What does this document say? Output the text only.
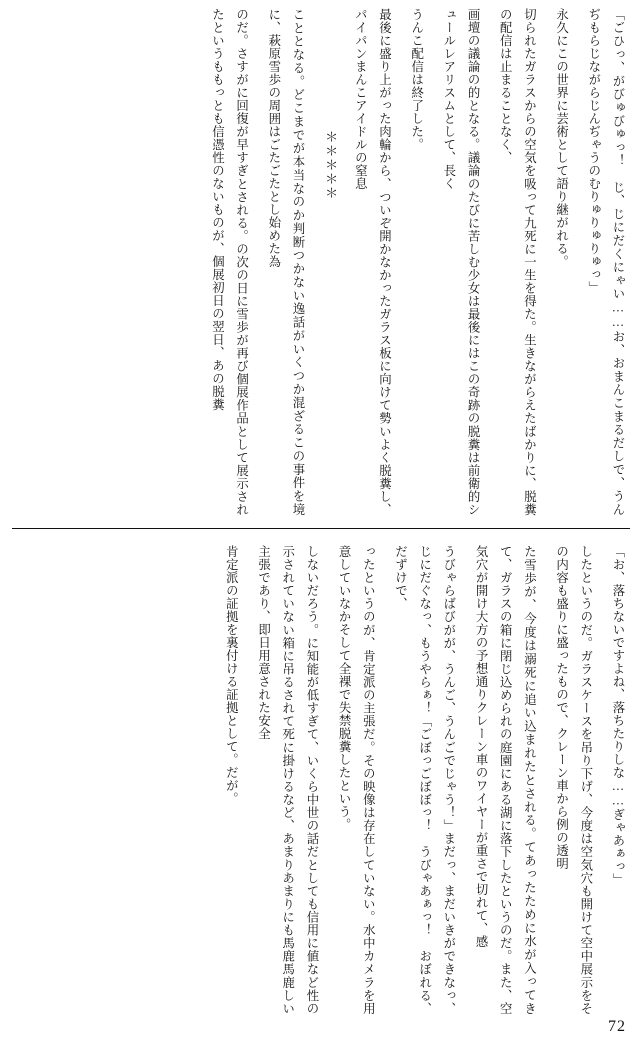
「ごひっ、がびゅびゅっ！　じ、じにだくにゃい……お、おまんこまるだしで、うんぢもらじながらじんぢゃうのむりゅりゅりゅっ」
永久にこの世界に芸術として語り継がれる。
切られたガラスからの空気を吸って九死に一生を得た。生きながらえたばかりに、脱糞の配信は止まることなく、
画壇の議論の的となる。議論のたびに苦しむ少女は最後にはこの奇跡の脱糞は前衛的シュールレアリスムとして、長く
うんこ配信は終了した。
最後に盛り上がった肉輪から、ついぞ開かなかったガラス板に向けて勢いよく脱糞し、パイパンまんこアイドルの窒息
＊＊＊＊＊
こととなる。どこまでが本当なのか判断つかない逸話がいくつか混ざるこの事件を境に、萩原雪歩の周囲はごたごたとし始めた為
のだ。さすがに回復が早すぎとされる。の次の日に雪歩が再び個展作品として展示されたというももっとも信憑性のないものが、個展初日の翌日、あの脱糞
「お、落ちないですよね、落ちたりしな……ぎゃあぁっ」
したというのだ。ガラスケースを吊り下げ、今度は空気穴も開けて空中展示をその内容も盛りに盛ったもので、クレーン車から例の透明
た雪歩が、今度は溺死に追い込まれたとされる。てあったために水が入ってきて、ガラスの箱に閉じ込められの庭園にある湖に落下したというのだ。また、空気穴が開け大方の予想通りクレーン車のワイヤーが重さで切れて、感
うびゃらばびがが、うんご、うんごでじゃう！」まだっ、まだいきができなっ、じにだぐなっ、もうやらぁ！「ごぼっごぼぼっ！　うびゃあぁっ！　おぼれる、だずけで、
ったというのが、肯定派の主張だ。その映像は存在していない。水中カメラを用意していなかそして全裸で失禁脱糞したという。
しないだろう。に知能が低すぎて、いくら中世の話だとしても信用に値など性の示されていない箱に吊るされて死に掛けるなど、あまりあまりにも馬鹿馬鹿しい主張であり、即日用意された安全
肯定派の証拠を裏付ける証拠として。だが。
72
